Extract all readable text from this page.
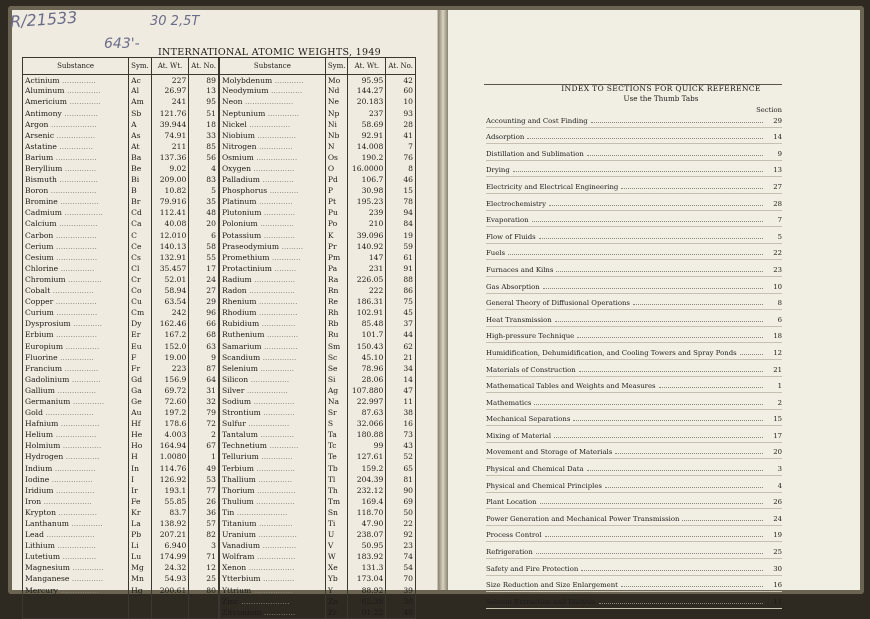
R/21533	30 2,5T
643'-
INTERNATIONAL ATOMIC WEIGHTS, 1949
Substance	Sym.	At. Wt.	At. No.	Substance	Sym.	At. Wt.	At. No.
Actinium ..............	Ac	227	89	Molybdenum ............	Mo	95.95	42
Aluminum ..............	Al	26.97	13	Neodymium .............	Nd	144.27	60
Americium .............	Am	241	95	Neon ....................	Ne	20.183	10
Antimony ..............	Sb	121.76	51	Neptunium .............	Np	237	93
Argon ...................	A	39.944	18	Nickel .................	Ni	58.69	28
Arsenic ................	As	74.91	33	Niobium ................	Nb	92.91	41
Astatine ..............	At	211	85	Nitrogen ..............	N	14.008	7
Barium .................	Ba	137.36	56	Osmium .................	Os	190.2	76
Beryllium .............	Be	9.02	4	Oxygen .................	O	16.0000	8
Bismuth ................	Bi	209.00	83	Palladium .............	Pd	106.7	46
Boron ...................	B	10.82	5	Phosphorus ............	P	30.98	15
Bromine ................	Br	79.916	35	Platinum ..............	Pt	195.23	78
Cadmium ................	Cd	112.41	48	Plutonium .............	Pu	239	94
Calcium ................	Ca	40.08	20	Polonium ..............	Po	210	84
Carbon .................	C	12.010	6	Potassium .............	K	39.096	19
Cerium .................	Ce	140.13	58	Praseodymium .........	Pr	140.92	59
Cesium .................	Cs	132.91	55	Promethium ............	Pm	147	61
Chlorine ..............	Cl	35.457	17	Protactinium .........	Pa	231	91
Chromium ..............	Cr	52.01	24	Radium .................	Ra	226.05	88
Cobalt .................	Co	58.94	27	Radon ...................	Rn	222	86
Copper .................	Cu	63.54	29	Rhenium ................	Re	186.31	75
Curium .................	Cm	242	96	Rhodium ................	Rh	102.91	45
Dysprosium ............	Dy	162.46	66	Rubidium ..............	Rb	85.48	37
Erbium .................	Er	167.2	68	Ruthenium .............	Ru	101.7	44
Europium ..............	Eu	152.0	63	Samarium ..............	Sm	150.43	62
Fluorine ..............	F	19.00	9	Scandium ..............	Sc	45.10	21
Francium ..............	Fr	223	87	Selenium ..............	Se	78.96	34
Gadolinium ............	Gd	156.9	64	Silicon ................	Si	28.06	14
Gallium ................	Ga	69.72	31	Silver .................	Ag	107.880	47
Germanium .............	Ge	72.60	32	Sodium .................	Na	22.997	11
Gold ....................	Au	197.2	79	Strontium .............	Sr	87.63	38
Hafnium ................	Hf	178.6	72	Sulfur .................	S	32.066	16
Helium .................	He	4.003	2	Tantalum ..............	Ta	180.88	73
Holmium ................	Ho	164.94	67	Technetium ............	Tc	99	43
Hydrogen ..............	H	1.0080	1	Tellurium .............	Te	127.61	52
Indium .................	In	114.76	49	Terbium ................	Tb	159.2	65
Iodine .................	I	126.92	53	Thallium ..............	Tl	204.39	81
Iridium ................	Ir	193.1	77	Thorium ................	Th	232.12	90
Iron ....................	Fe	55.85	26	Thulium ................	Tm	169.4	69
Krypton ................	Kr	83.7	36	Tin .....................	Sn	118.70	50
Lanthanum .............	La	138.92	57	Titanium ..............	Ti	47.90	22
Lead ....................	Pb	207.21	82	Uranium ................	U	238.07	92
Lithium ................	Li	6.940	3	Vanadium ..............	V	50.95	23
Lutetium ..............	Lu	174.99	71	Wolfram ................	W	183.92	74
Magnesium .............	Mg	24.32	12	Xenon ...................	Xe	131.3	54
Manganese .............	Mn	54.93	25	Ytterbium .............	Yb	173.04	70
Mercury ................	Hg	200.61	80	Yttrium ................	Y	88.92	39
				Zinc ....................	Zn	65.38	30
				Zirconium .............	Zr	91.22	40
INDEX TO SECTIONS FOR QUICK REFERENCE
Use the Thumb Tabs
Section
Accounting and Cost Finding	29
Adsorption	14
Distillation and Sublimation	9
Drying	13
Electricity and Electrical Engineering	27
Electrochemistry	28
Evaporation	7
Flow of Fluids	5
Fuels	22
Furnaces and Kilns	23
Gas Absorption	10
General Theory of Diffusional Operations	8
Heat Transmission	6
High-pressure Technique	18
Humidification, Dehumidification, and Cooling Towers and Spray Ponds	12
Materials of Construction	21
Mathematical Tables and Weights and Measures	1
Mathematics	2
Mechanical Separations	15
Mixing of Material	17
Movement and Storage of Materials	20
Physical and Chemical Data	3
Physical and Chemical Principles	4
Plant Location	26
Power Generation and Mechanical Power Transmission	24
Process Control	19
Refrigeration	25
Safety and Fire Protection	30
Size Reduction and Size Enlargement	16
Solvent Extraction and Dialysis	11
